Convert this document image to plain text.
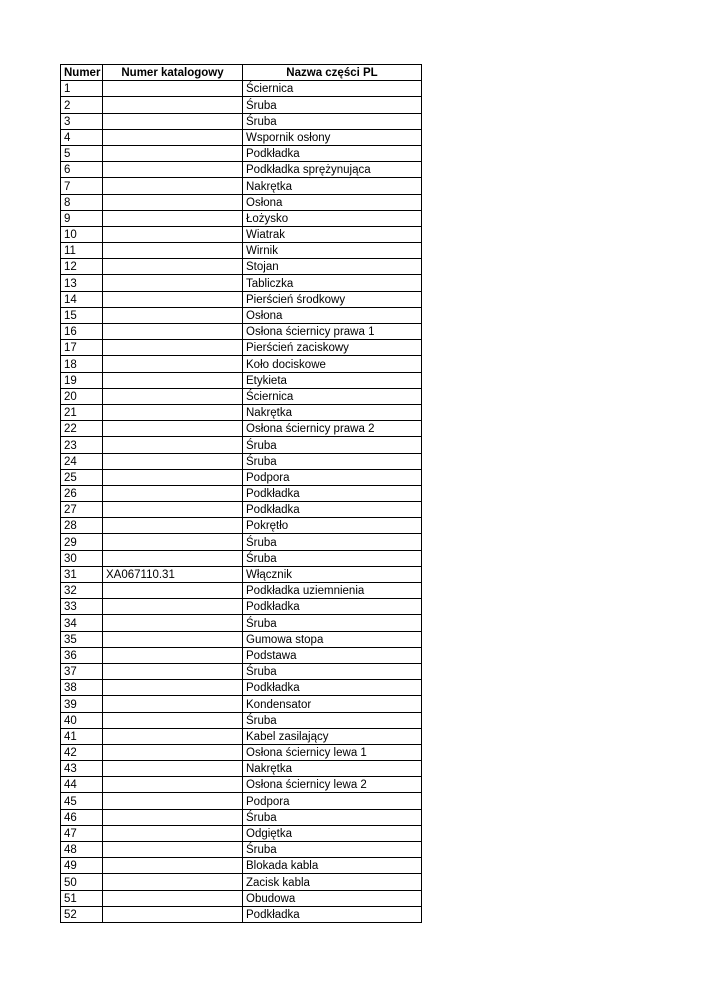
Numer	Numer katalogowy	Nazwa części PL
1		Ściernica
2		Śruba
3		Śruba
4		Wspornik osłony
5		Podkładka
6		Podkładka sprężynująca
7		Nakrętka
8		Osłona
9		Łożysko
10		Wiatrak
11		Wirnik
12		Stojan
13		Tabliczka
14		Pierścień środkowy
15		Osłona
16		Osłona ściernicy prawa 1
17		Pierścień zaciskowy
18		Koło dociskowe
19		Etykieta
20		Ściernica
21		Nakrętka
22		Osłona ściernicy prawa 2
23		Śruba
24		Śruba
25		Podpora
26		Podkładka
27		Podkładka
28		Pokrętło
29		Śruba
30		Śruba
31	XA067110.31	Włącznik
32		Podkładka uziemnienia
33		Podkładka
34		Śruba
35		Gumowa stopa
36		Podstawa
37		Śruba
38		Podkładka
39		Kondensator
40		Śruba
41		Kabel zasilający
42		Osłona ściernicy lewa 1
43		Nakrętka
44		Osłona ściernicy lewa 2
45		Podpora
46		Śruba
47		Odgiętka
48		Śruba
49		Blokada kabla
50		Zacisk kabla
51		Obudowa
52		Podkładka
